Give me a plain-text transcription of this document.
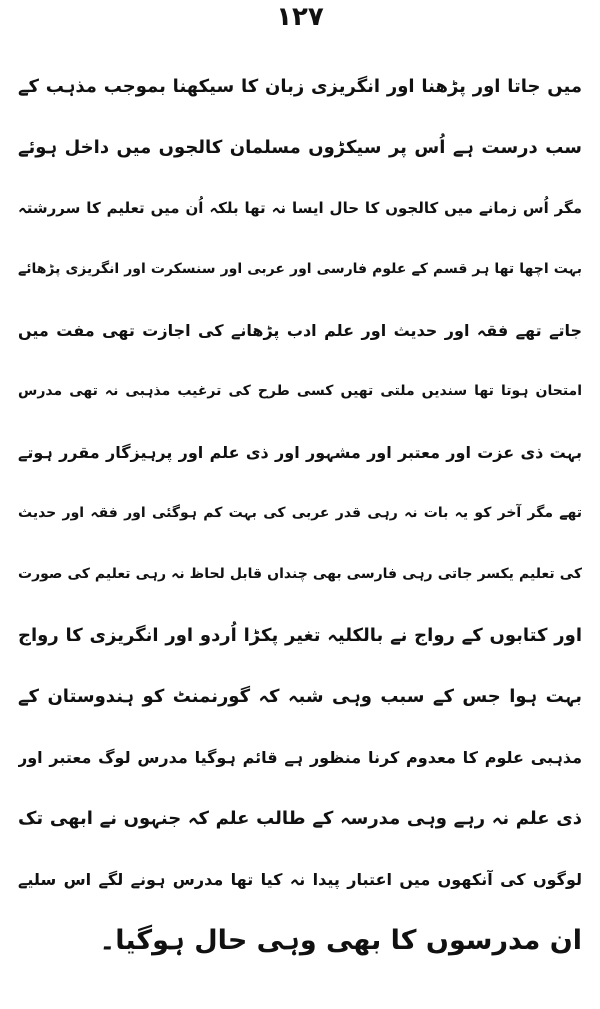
۱۲۷
میں جاتا اور پڑھنا اور انگریزی زبان کا سیکھنا بموجب مذہب کے
سب درست ہے اُس پر سیکڑوں مسلمان کالجوں میں داخل ہوئے
مگر اُس زمانے میں کالجوں کا حال ایسا نہ تھا بلکہ اُن میں تعلیم کا سررشتہ
بہت اچھا تھا ہر قسم کے علوم فارسی اور عربی اور سنسکرت اور انگریزی پڑھائے
جاتے تھے فقہ اور حدیث اور علم ادب پڑھانے کی اجازت تھی مفت میں
امتحان ہوتا تھا سندیں ملتی تھیں کسی طرح کی ترغیب مذہبی نہ تھی مدرس
بہت ذی عزت اور معتبر اور مشہور اور ذی علم اور پرہیزگار مقرر ہوتے
تھے مگر آخر کو یہ بات نہ رہی قدر عربی کی بہت کم ہوگئی اور فقہ اور حدیث
کی تعلیم یکسر جاتی رہی فارسی بھی چنداں قابل لحاظ نہ رہی تعلیم کی صورت
اور کتابوں کے رواج نے بالکلیہ تغیر پکڑا اُردو اور انگریزی کا رواج
بہت ہوا جس کے سبب وہی شبہ کہ گورنمنٹ کو ہندوستان کے
مذہبی علوم کا معدوم کرنا منظور ہے قائم ہوگیا مدرس لوگ معتبر اور
ذی علم نہ رہے وہی مدرسہ کے طالب علم کہ جنہوں نے ابھی تک
لوگوں کی آنکھوں میں اعتبار پیدا نہ کیا تھا مدرس ہونے لگے اس سلیے
ان مدرسوں کا بھی وہی حال ہوگیا۔
